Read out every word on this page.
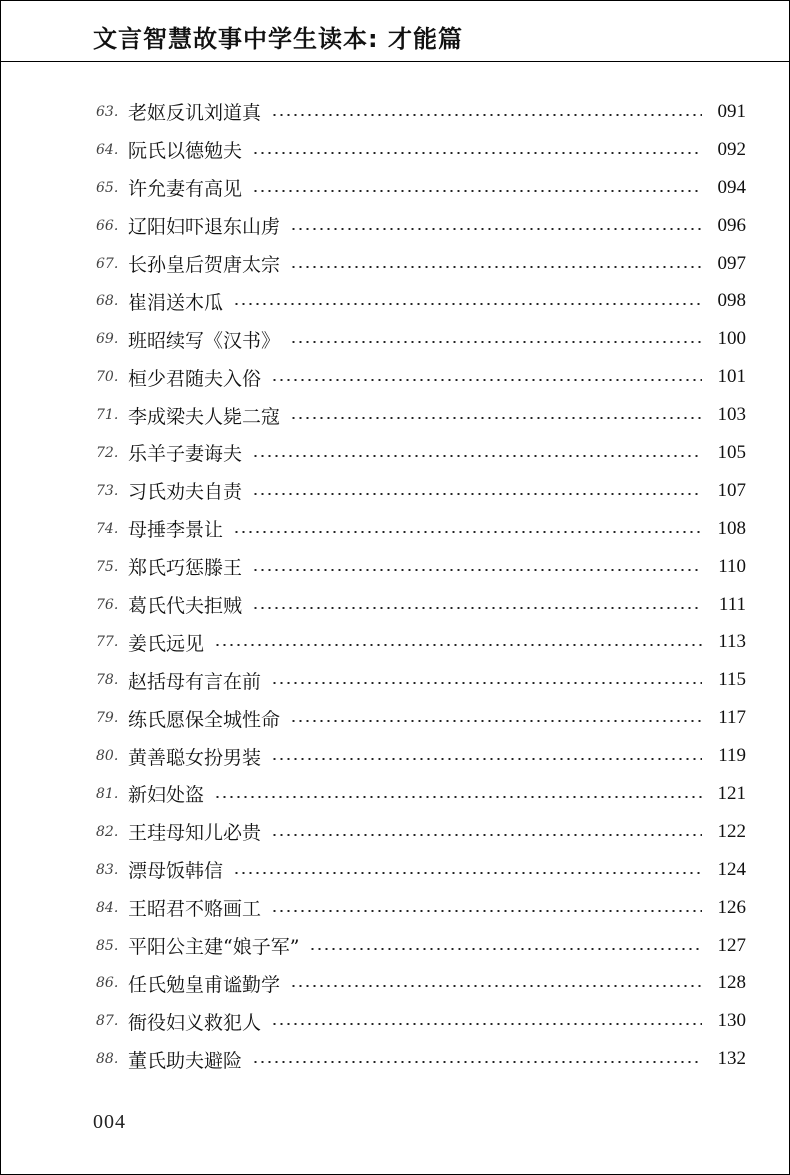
文言智慧故事中学生读本: 才能篇
63. 老妪反讥刘道真	091
64. 阮氏以德勉夫	092
65. 许允妻有高见	094
66. 辽阳妇吓退东山虏	096
67. 长孙皇后贺唐太宗	097
68. 崔涓送木瓜	098
69. 班昭续写《汉书》	100
70. 桓少君随夫入俗	101
71. 李成梁夫人毙二寇	103
72. 乐羊子妻诲夫	105
73. 习氏劝夫自责	107
74. 母捶李景让	108
75. 郑氏巧惩滕王	110
76. 葛氏代夫拒贼	111
77. 姜氏远见	113
78. 赵括母有言在前	115
79. 练氏愿保全城性命	117
80. 黄善聪女扮男装	119
81. 新妇处盗	121
82. 王珪母知儿必贵	122
83. 漂母饭韩信	124
84. 王昭君不赂画工	126
85. 平阳公主建“娘子军”	127
86. 任氏勉皇甫谧勤学	128
87. 衙役妇义救犯人	130
88. 董氏助夫避险	132
004
